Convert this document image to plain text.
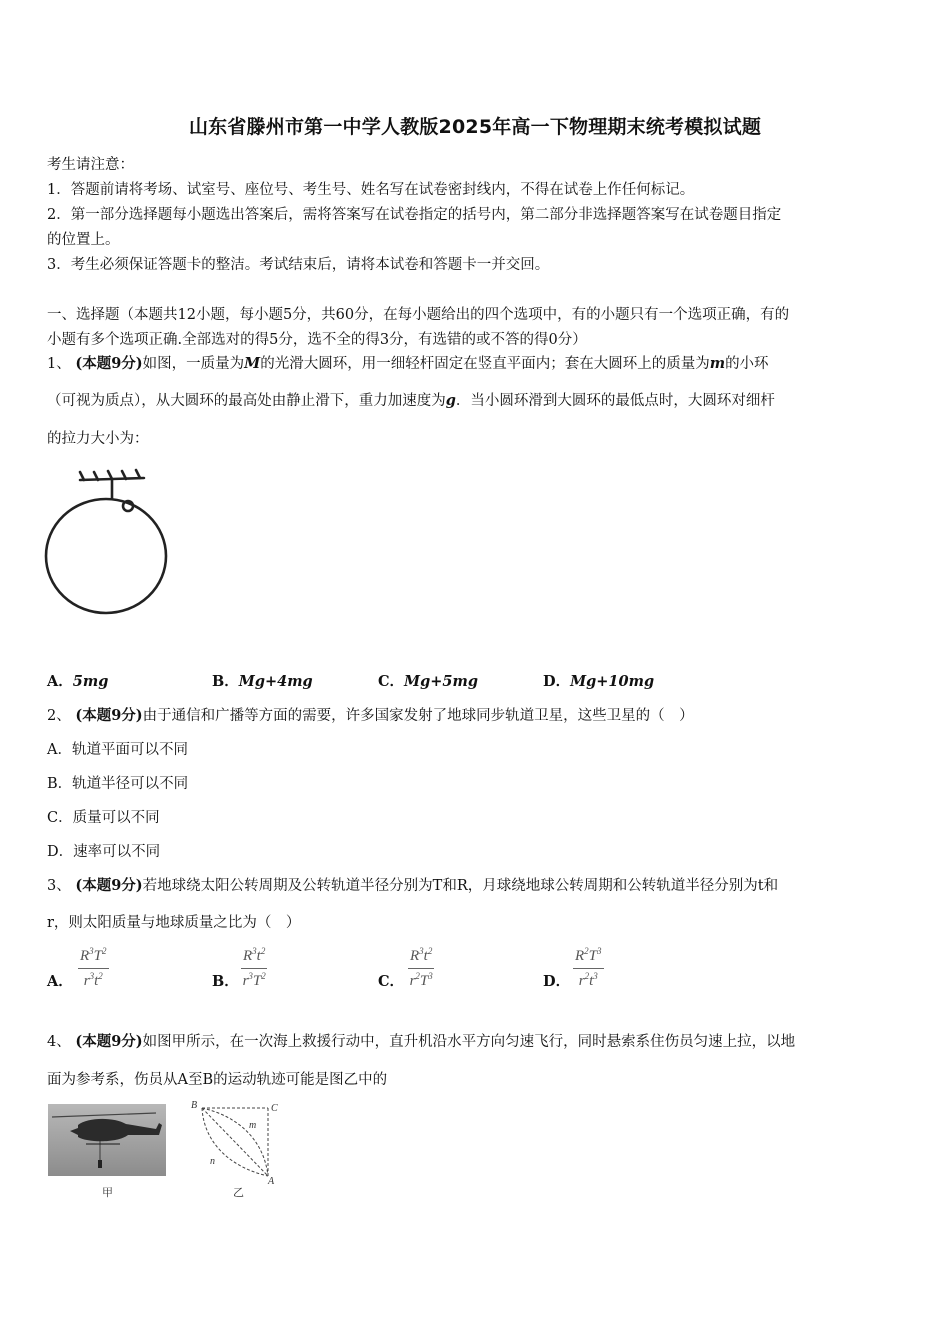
山东省滕州市第一中学人教版2025年高一下物理期末统考模拟试题
考生请注意：
1．答题前请将考场、试室号、座位号、考生号、姓名写在试卷密封线内，不得在试卷上作任何标记。
2．第一部分选择题每小题选出答案后，需将答案写在试卷指定的括号内，第二部分非选择题答案写在试卷题目指定
的位置上。
3．考生必须保证答题卡的整洁。考试结束后，请将本试卷和答题卡一并交回。
一、选择题（本题共12小题，每小题5分，共60分，在每小题给出的四个选项中，有的小题只有一个选项正确，有的
小题有多个选项正确.全部选对的得5分，选不全的得3分，有选错的或不答的得0分）
1、 (本题9分)如图，一质量为M的光滑大圆环，用一细轻杆固定在竖直平面内；套在大圆环上的质量为m的小环
（可视为质点），从大圆环的最高处由静止滑下，重力加速度为g．当小圆环滑到大圆环的最低点时，大圆环对细杆
的拉力大小为：
A．5mg	B．Mg+4mg	C．Mg+5mg	D．Mg+10mg
2、 (本题9分)由于通信和广播等方面的需要，许多国家发射了地球同步轨道卫星，这些卫星的（　）
A．轨道平面可以不同
B．轨道半径可以不同
C．质量可以不同
D．速率可以不同
3、 (本题9分)若地球绕太阳公转周期及公转轨道半径分别为T和R，月球绕地球公转周期和公转轨道半径分别为t和
r，则太阳质量与地球质量之比为（　）
A． $\frac{R^3T^2}{r^3t^2}$	B． $\frac{R^3t^2}{r^3T^2}$	C． $\frac{R^3t^2}{r^2T^3}$	D． $\frac{R^2T^3}{r^2t^3}$
4、 (本题9分)如图甲所示，在一次海上救援行动中，直升机沿水平方向匀速飞行，同时悬索系住伤员匀速上拉，以地
面为参考系，伤员从A至B的运动轨迹可能是图乙中的
甲
B	C
m
n
A
乙
